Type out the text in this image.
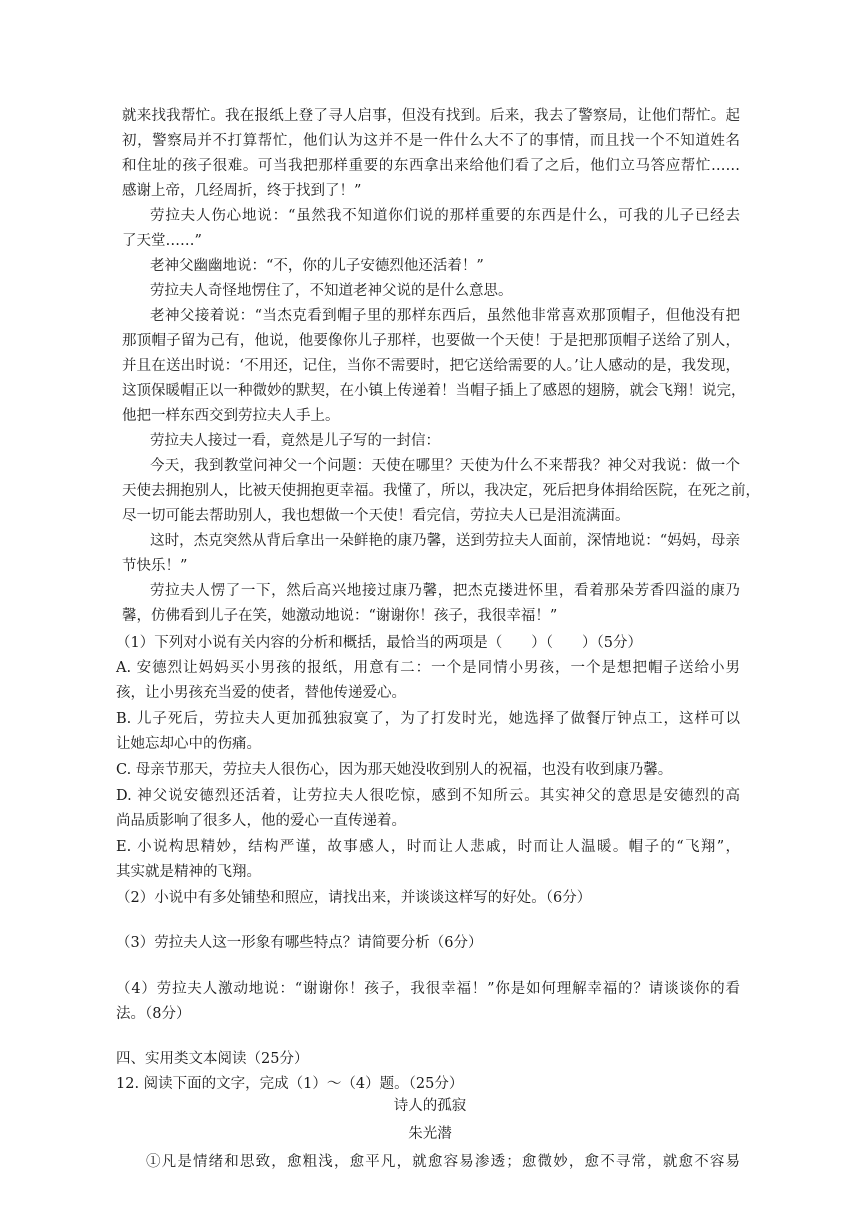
就来找我帮忙。我在报纸上登了寻人启事，但没有找到。后来，我去了警察局，让他们帮忙。起
初，警察局并不打算帮忙，他们认为这并不是一件什么大不了的事情，而且找一个不知道姓名
和住址的孩子很难。可当我把那样重要的东西拿出来给他们看了之后，他们立马答应帮忙……
感谢上帝，几经周折，终于找到了！”
劳拉夫人伤心地说：“虽然我不知道你们说的那样重要的东西是什么，可我的儿子已经去
了天堂……”
老神父幽幽地说：“不，你的儿子安德烈他还活着！”
劳拉夫人奇怪地愣住了，不知道老神父说的是什么意思。
老神父接着说：“当杰克看到帽子里的那样东西后，虽然他非常喜欢那顶帽子，但他没有把
那顶帽子留为己有，他说，他要像你儿子那样，也要做一个天使！于是把那顶帽子送给了别人，
并且在送出时说：‘不用还，记住，当你不需要时，把它送给需要的人。’让人感动的是，我发现，
这顶保暖帽正以一种微妙的默契，在小镇上传递着！当帽子插上了感恩的翅膀，就会飞翔！说完，
他把一样东西交到劳拉夫人手上。
劳拉夫人接过一看，竟然是儿子写的一封信：
今天，我到教堂问神父一个问题：天使在哪里？天使为什么不来帮我？神父对我说：做一个
天使去拥抱别人，比被天使拥抱更幸福。我懂了，所以，我决定，死后把身体捐给医院，在死之前，
尽一切可能去帮助别人，我也想做一个天使！看完信，劳拉夫人已是泪流满面。
这时，杰克突然从背后拿出一朵鲜艳的康乃馨，送到劳拉夫人面前，深情地说：“妈妈，母亲
节快乐！”
劳拉夫人愣了一下，然后高兴地接过康乃馨，把杰克搂进怀里，看着那朵芳香四溢的康乃
馨，仿佛看到儿子在笑，她激动地说：“谢谢你！孩子，我很幸福！”
（1）下列对小说有关内容的分析和概括，最恰当的两项是（　　）（　　）（5分）
A. 安德烈让妈妈买小男孩的报纸，用意有二：一个是同情小男孩，一个是想把帽子送给小男
孩，让小男孩充当爱的使者，替他传递爱心。
B. 儿子死后，劳拉夫人更加孤独寂寞了，为了打发时光，她选择了做餐厅钟点工，这样可以
让她忘却心中的伤痛。
C. 母亲节那天，劳拉夫人很伤心，因为那天她没收到别人的祝福，也没有收到康乃馨。
D. 神父说安德烈还活着，让劳拉夫人很吃惊，感到不知所云。其实神父的意思是安德烈的高
尚品质影响了很多人，他的爱心一直传递着。
E. 小说构思精妙，结构严谨，故事感人，时而让人悲戚，时而让人温暖。帽子的“飞翔”，
其实就是精神的飞翔。
（2）小说中有多处铺垫和照应，请找出来，并谈谈这样写的好处。（6分）
（3）劳拉夫人这一形象有哪些特点？请简要分析（6分）
（4）劳拉夫人激动地说：“谢谢你！孩子，我很幸福！”你是如何理解幸福的？请谈谈你的看
法。（8分）
四、实用类文本阅读（25分）
12. 阅读下面的文字，完成（1）～（4）题。（25分）
诗人的孤寂
朱光潜
①凡是情绪和思致，愈粗浅，愈平凡，就愈容易渗透；愈微妙，愈不寻常，就愈不容易
